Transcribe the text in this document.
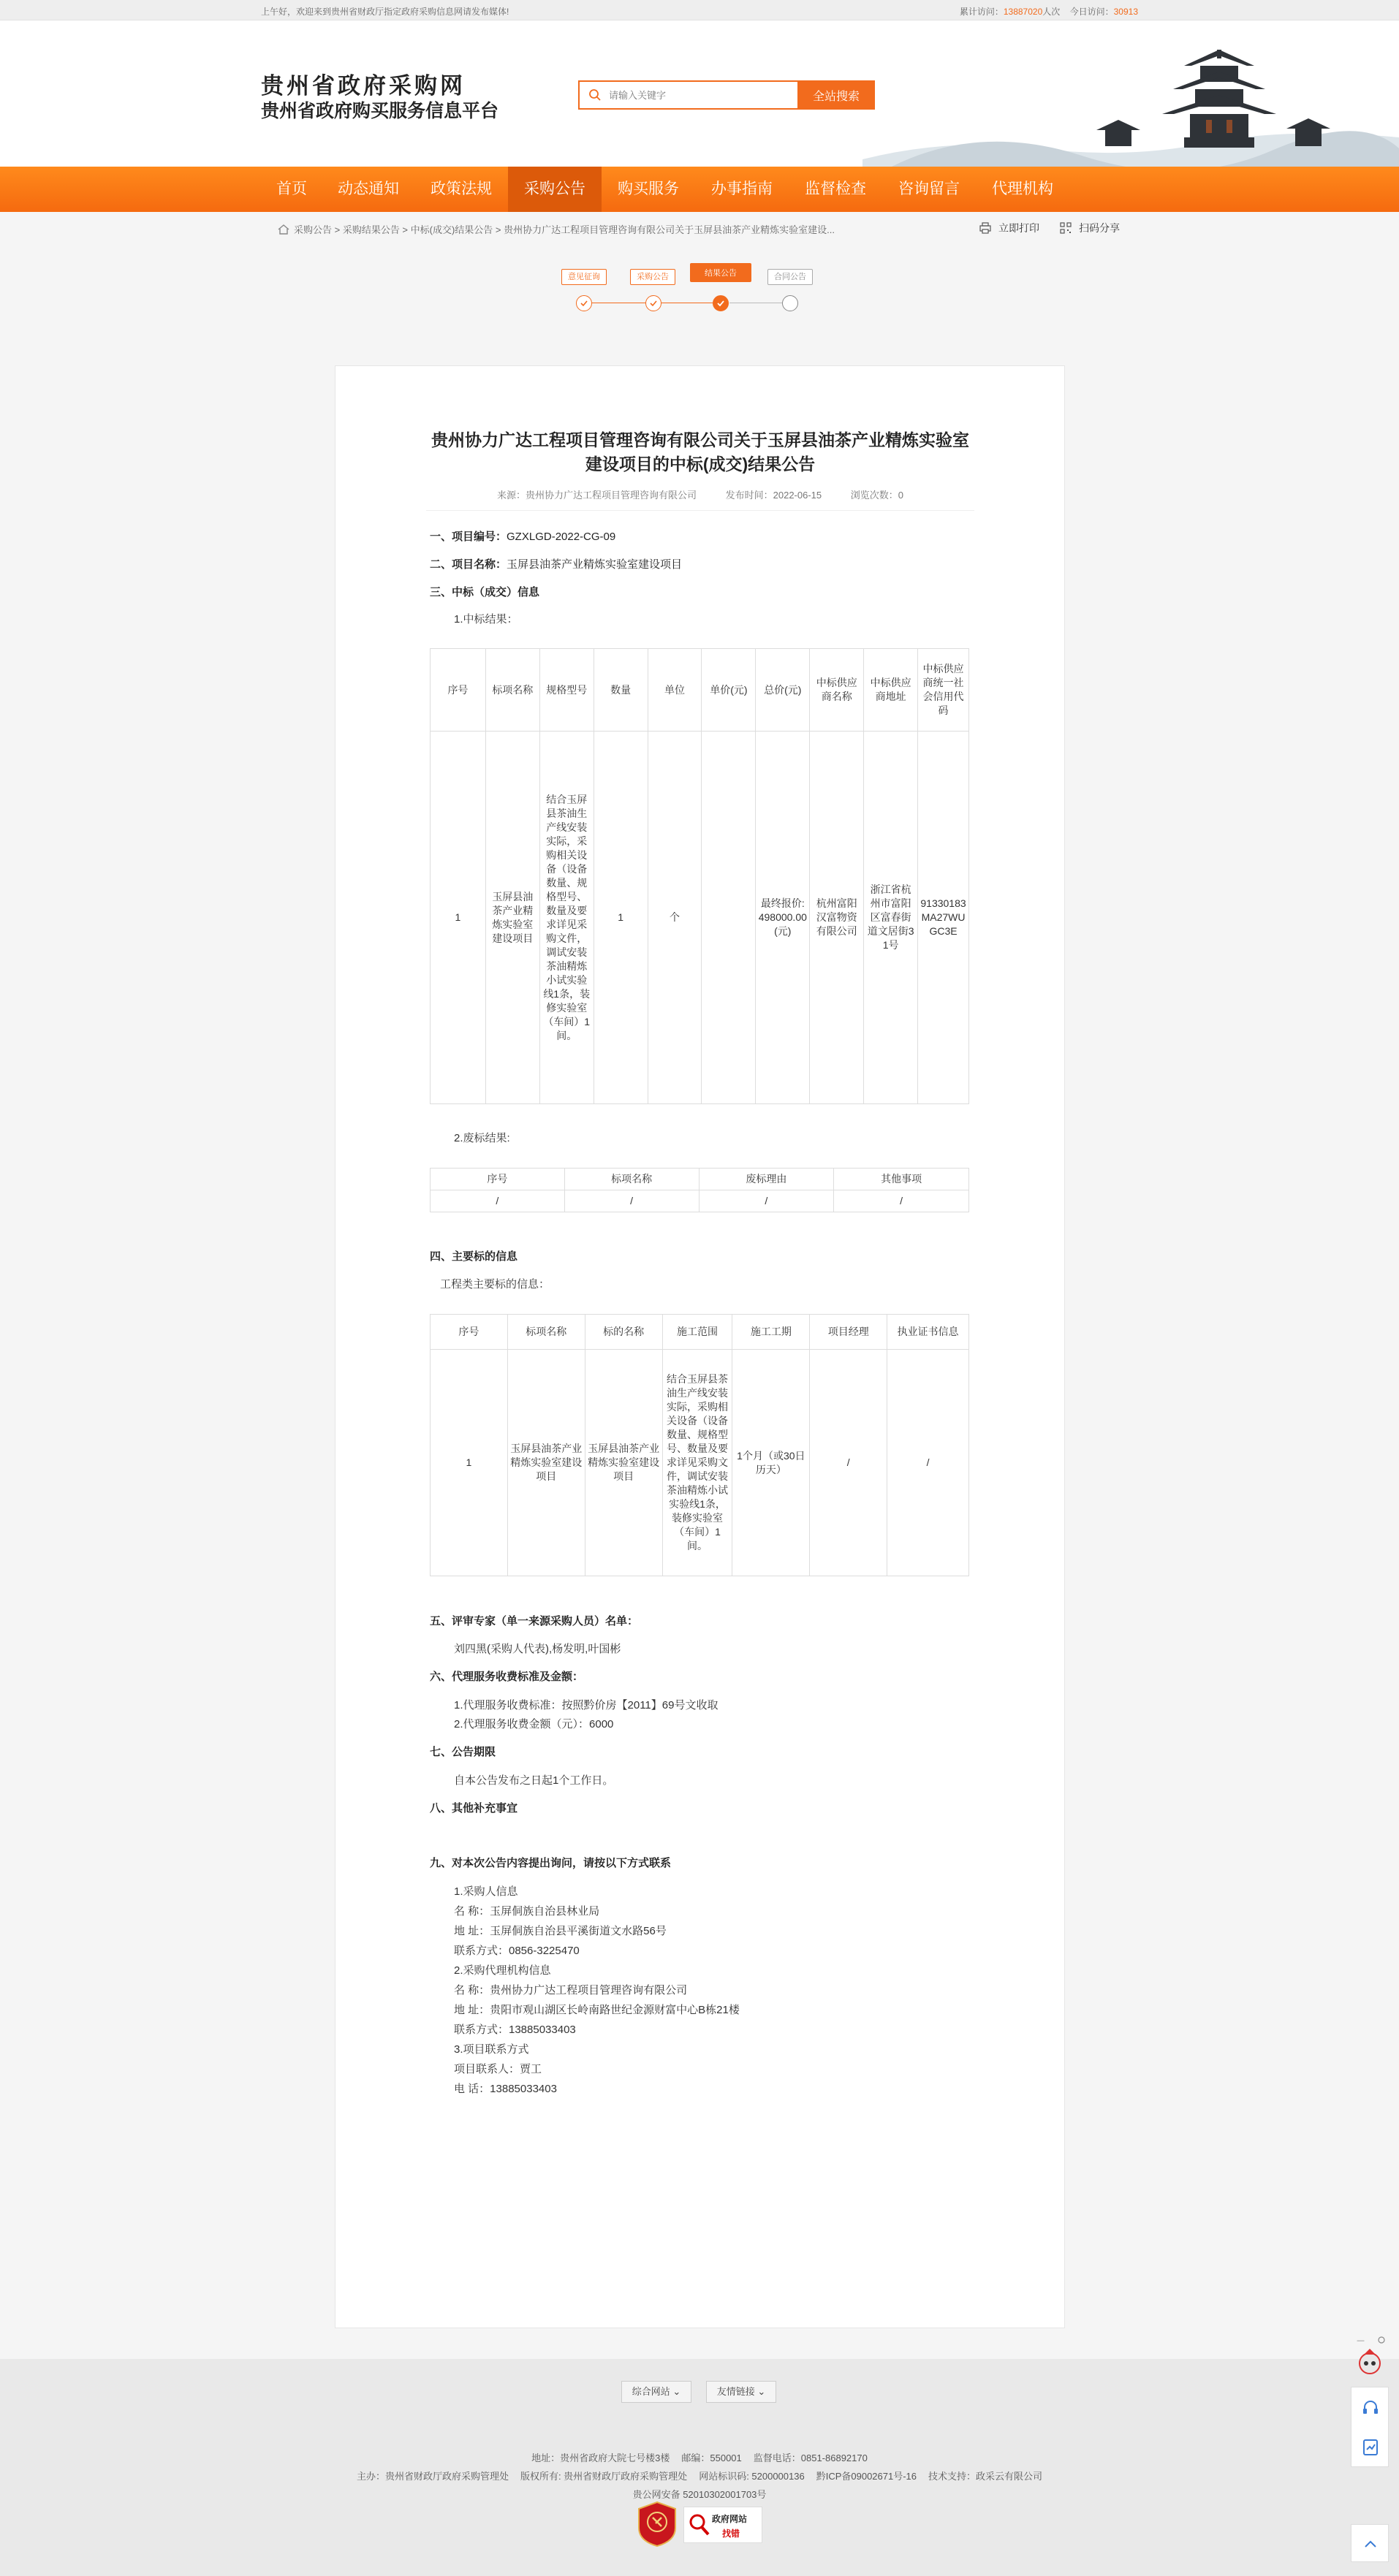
上午好，欢迎来到贵州省财政厅指定政府采购信息网请发布媒体!	累计访问：13887020人次 今日访问：30913
贵州省政府采购网
贵州省政府购买服务信息平台
请输入关键字
全站搜索
首页	动态通知	政策法规	采购公告	购买服务	办事指南	监督检查	咨询留言	代理机构
采购公告 > 采购结果公告 > 中标(成交)结果公告 > 贵州协力广达工程项目管理咨询有限公司关于玉屏县油茶产业精炼实验室建设...	立即打印	扫码分享
意见征询	采购公告	结果公告	合同公告
贵州协力广达工程项目管理咨询有限公司关于玉屏县油茶产业精炼实验室建设项目的中标(成交)结果公告
来源：贵州协力广达工程项目管理咨询有限公司	发布时间：2022-06-15	浏览次数：0
一、项目编号：GZXLGD-2022-CG-09
二、项目名称：玉屏县油茶产业精炼实验室建设项目
三、中标（成交）信息
1.中标结果：
序号	标项名称	规格型号	数量	单位	单价(元)	总价(元)	中标供应商名称	中标供应商地址	中标供应商统一社会信用代码
1	玉屏县油茶产业精炼实验室建设项目	结合玉屏县茶油生产线安装实际，采购相关设备（设备数量、规格型号、数量及要求详见采购文件，调试安装茶油精炼小试实验线1条，装修实验室（车间）1间。	1	个		最终报价:498000.00(元)	杭州富阳汉富物资有限公司	浙江省杭州市富阳区富春街道文居街31号	91330183MA27WUGC3E
2.废标结果:
序号	标项名称	废标理由	其他事项
/	/	/	/
四、主要标的信息
工程类主要标的信息：
序号	标项名称	标的名称	施工范围	施工工期	项目经理	执业证书信息
1	玉屏县油茶产业精炼实验室建设项目	玉屏县油茶产业精炼实验室建设项目	结合玉屏县茶油生产线安装实际，采购相关设备（设备数量、规格型号、数量及要求详见采购文件，调试安装茶油精炼小试实验线1条，装修实验室（车间）1间。	1个月（或30日历天）	/	/
五、评审专家（单一来源采购人员）名单：
刘四黑(采购人代表),杨发明,叶国彬
六、代理服务收费标准及金额：
1.代理服务收费标准：按照黔价房【2011】69号文收取
2.代理服务收费金额（元）：6000
七、公告期限
自本公告发布之日起1个工作日。
八、其他补充事宜
九、对本次公告内容提出询问，请按以下方式联系
1.采购人信息
名 称：玉屏侗族自治县林业局
地 址：玉屏侗族自治县平溪街道文水路56号
联系方式：0856-3225470
2.采购代理机构信息
名 称：贵州协力广达工程项目管理咨询有限公司
地 址：贵阳市观山湖区长岭南路世纪金源财富中心B栋21楼
联系方式：13885033403
3.项目联系方式
项目联系人：贾工
电 话：13885033403
综合网站 ⌄	友情链接 ⌄
地址：贵州省政府大院七号楼3楼 邮编：550001 监督电话：0851-86892170
主办：贵州省财政厅政府采购管理处 版权所有: 贵州省财政厅政府采购管理处 网站标识码: 5200000136 黔ICP备09002671号-16 技术支持：政采云有限公司
贵公网安备 52010302001703号
政府网站
找错
—
